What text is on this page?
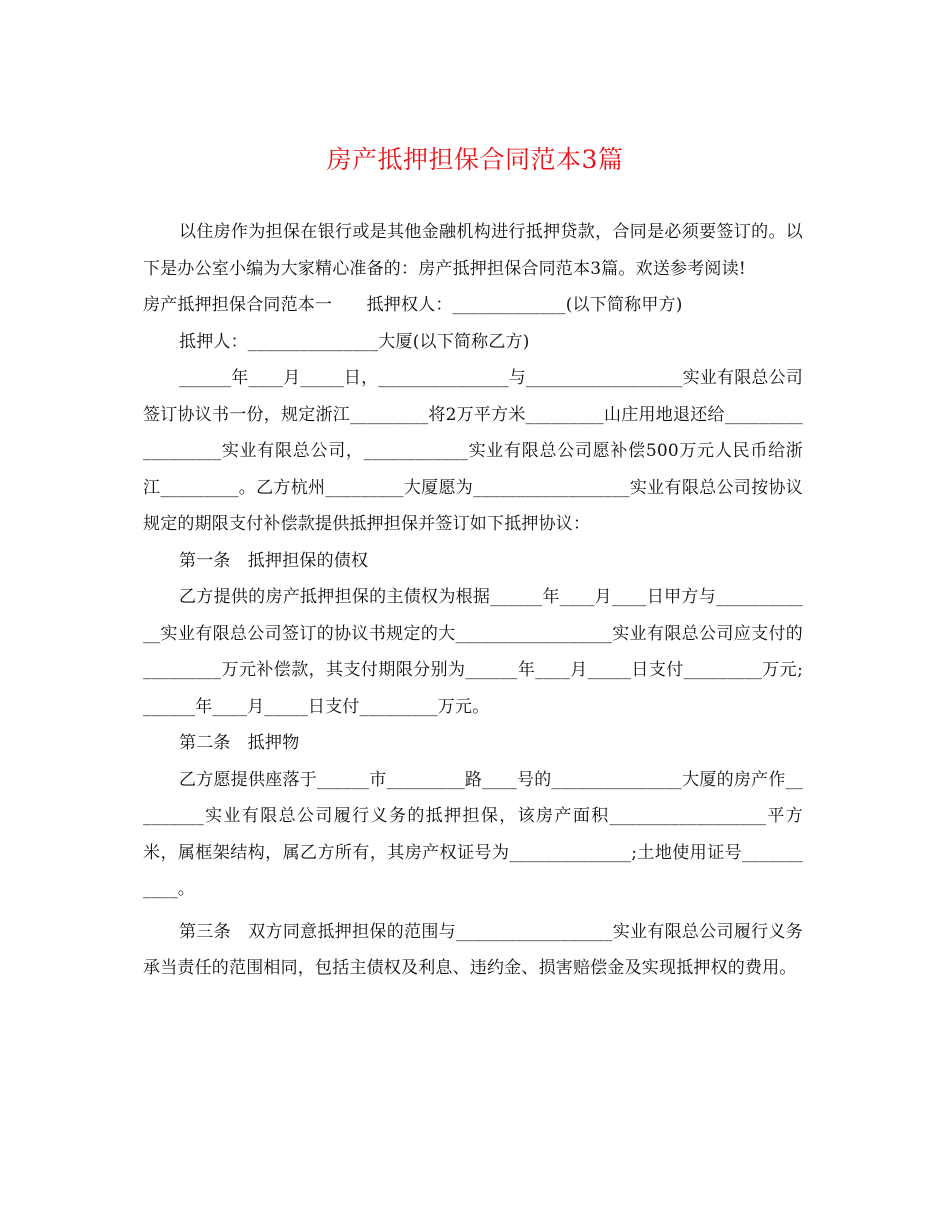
房产抵押担保合同范本3篇

以住房作为担保在银行或是其他金融机构进行抵押贷款，合同是必须要签订的。以下是办公室小编为大家精心准备的：房产抵押担保合同范本3篇。欢送参考阅读!

房产抵押担保合同范本一　　抵押权人：_____________(以下简称甲方)

抵押人：_______________大厦(以下简称乙方)

______年____月_____日，_______________与__________________实业有限总公司签订协议书一份，规定浙江_________将2万平方米_________山庄用地退还给__________________实业有限总公司，____________实业有限总公司愿补偿500万元人民币给浙江_________。乙方杭州_________大厦愿为__________________实业有限总公司按协议规定的期限支付补偿款提供抵押担保并签订如下抵押协议：

第一条　抵押担保的债权

乙方提供的房产抵押担保的主债权为根据______年____月____日甲方与____________实业有限总公司签订的协议书规定的大__________________实业有限总公司应支付的_________万元补偿款，其支付期限分别为______年____月_____日支付_________万元;______年____月_____日支付_________万元。

第二条　抵押物

乙方愿提供座落于______市_________路____号的_______________大厦的房产作_________实业有限总公司履行义务的抵押担保，该房产面积__________________平方米，属框架结构，属乙方所有，其房产权证号为______________;土地使用证号___________。

第三条　双方同意抵押担保的范围与__________________实业有限总公司履行义务承当责任的范围相同，包括主债权及利息、违约金、损害赔偿金及实现抵押权的费用。
